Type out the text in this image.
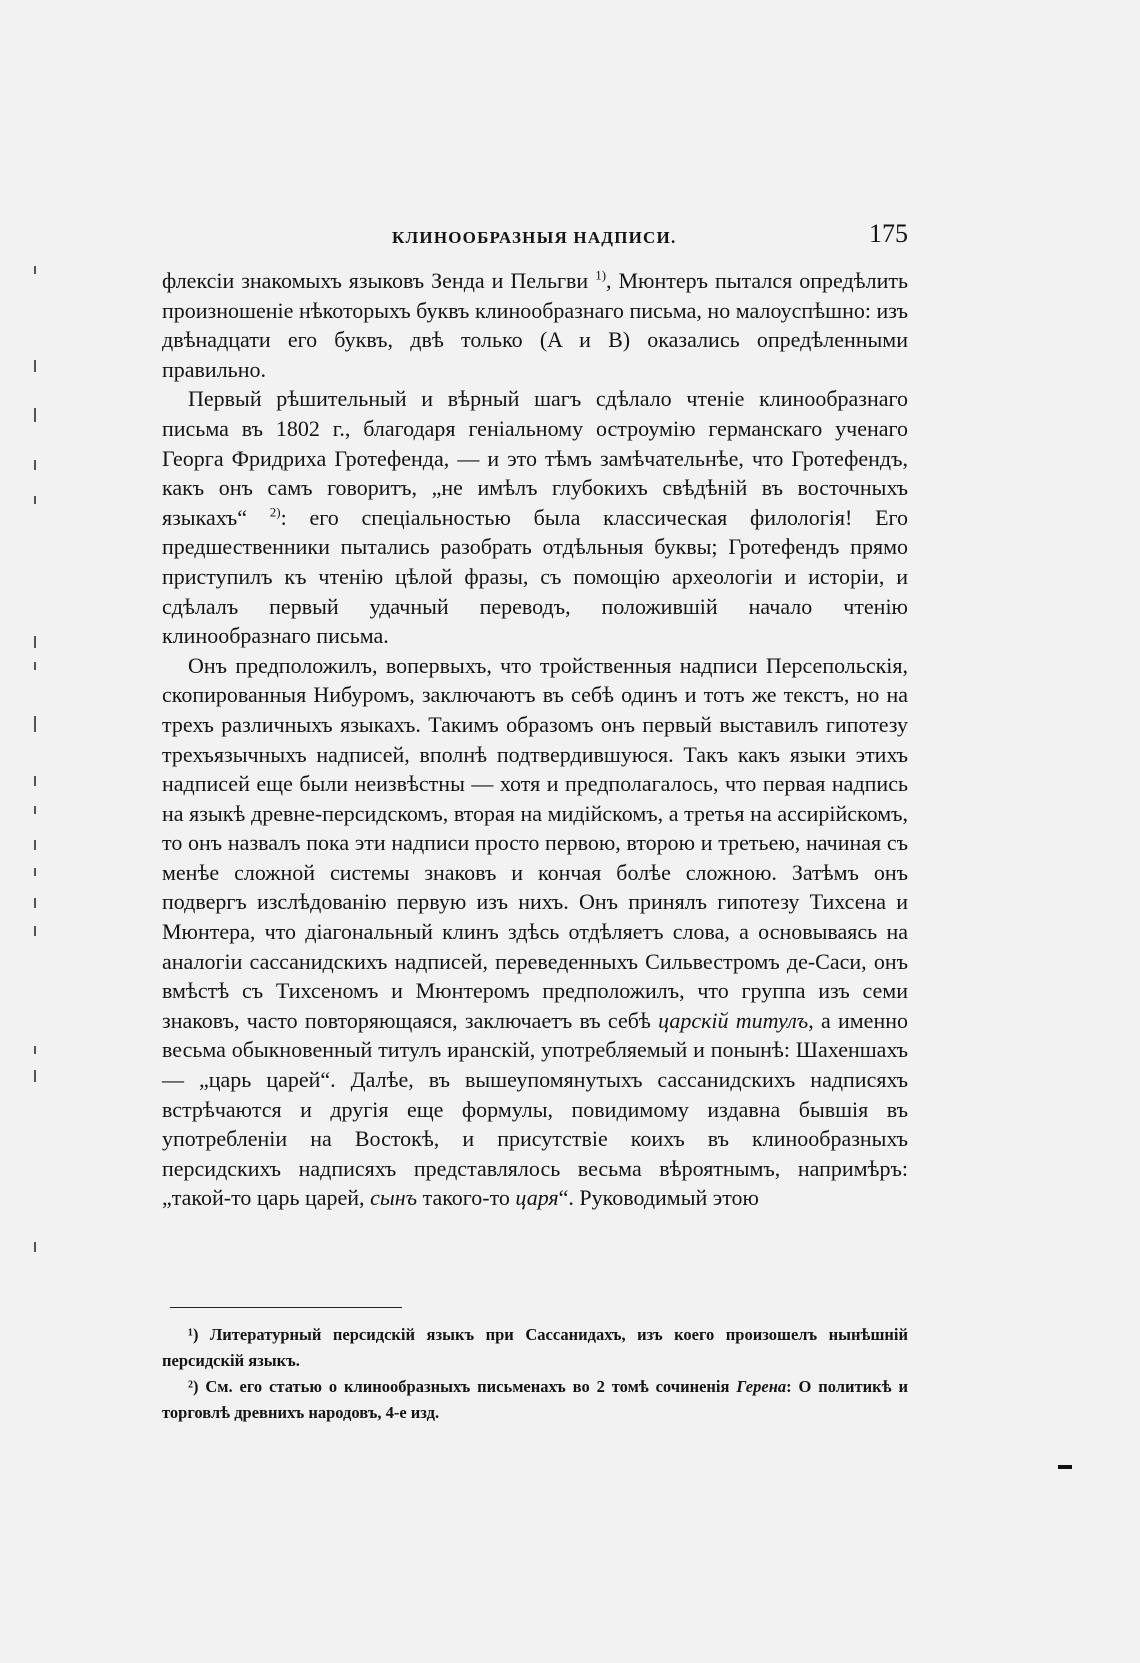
КЛИНООБРАЗНЫЯ НАДПИСИ.	175

флексіи знакомыхъ языковъ Зенда и Пельгви $^{1)}$, Мюнтеръ пытался опредѣлить произношеніе нѣкоторыхъ буквъ клинообразнаго письма, но малоуспѣшно: изъ двѣнадцати его буквъ, двѣ только (A и B) оказались опредѣленными правильно.

Первый рѣшительный и вѣрный шагъ сдѣлало чтеніе клинообразнаго письма въ 1802 г., благодаря геніальному остроумію германскаго ученаго Георга Фридриха Гротефенда, — и это тѣмъ замѣчательнѣе, что Гротефендъ, какъ онъ самъ говоритъ, „не имѣлъ глубокихъ свѣдѣній въ восточныхъ языкахъ“ $^{2)}$: его спеціальностью была классическая филологія! Его предшественники пытались разобрать отдѣльныя буквы; Гротефендъ прямо приступилъ къ чтенію цѣлой фразы, съ помощію археологіи и исторіи, и сдѣлалъ первый удачный переводъ, положившій начало чтенію клинообразнаго письма.

Онъ предположилъ, вопервыхъ, что тройственныя надписи Персепольскія, скопированныя Нибуромъ, заключаютъ въ себѣ одинъ и тотъ же текстъ, но на трехъ различныхъ языкахъ. Такимъ образомъ онъ первый выставилъ гипотезу трехъязычныхъ надписей, вполнѣ подтвердившуюся. Такъ какъ языки этихъ надписей еще были неизвѣстны — хотя и предполагалось, что первая надпись на языкѣ древне-персидскомъ, вторая на мидійскомъ, а третья на ассирійскомъ, то онъ назвалъ пока эти надписи просто первою, второю и третьею, начиная съ менѣе сложной системы знаковъ и кончая болѣе сложною. Затѣмъ онъ подвергъ изслѣдованію первую изъ нихъ. Онъ принялъ гипотезу Тихсена и Мюнтера, что діагональный клинъ здѣсь отдѣляетъ слова, а основываясь на аналогіи сассанидскихъ надписей, переведенныхъ Сильвестромъ де-Саси, онъ вмѣстѣ съ Тихсеномъ и Мюнтеромъ предположилъ, что группа изъ семи знаковъ, часто повторяющаяся, заключаетъ въ себѣ царскій титулъ, а именно весьма обыкновенный титулъ иранскій, употребляемый и понынѣ: Шахеншахъ — „царь царей“. Далѣе, въ вышеупомянутыхъ сассанидскихъ надписяхъ встрѣчаются и другія еще формулы, повидимому издавна бывшія въ употребленіи на Востокѣ, и присутствіе коихъ въ клинообразныхъ персидскихъ надписяхъ представлялось весьма вѣроятнымъ, напримѣръ: „такой-то царь царей, сынъ такого-то царя“. Руководимый этою

¹) Литературный персидскій языкъ при Сассанидахъ, изъ коего произошелъ нынѣшній персидскій языкъ.

²) См. его статью о клинообразныхъ письменахъ во 2 томѣ сочиненія Герена: О политикѣ и торговлѣ древнихъ народовъ, 4-е изд.
